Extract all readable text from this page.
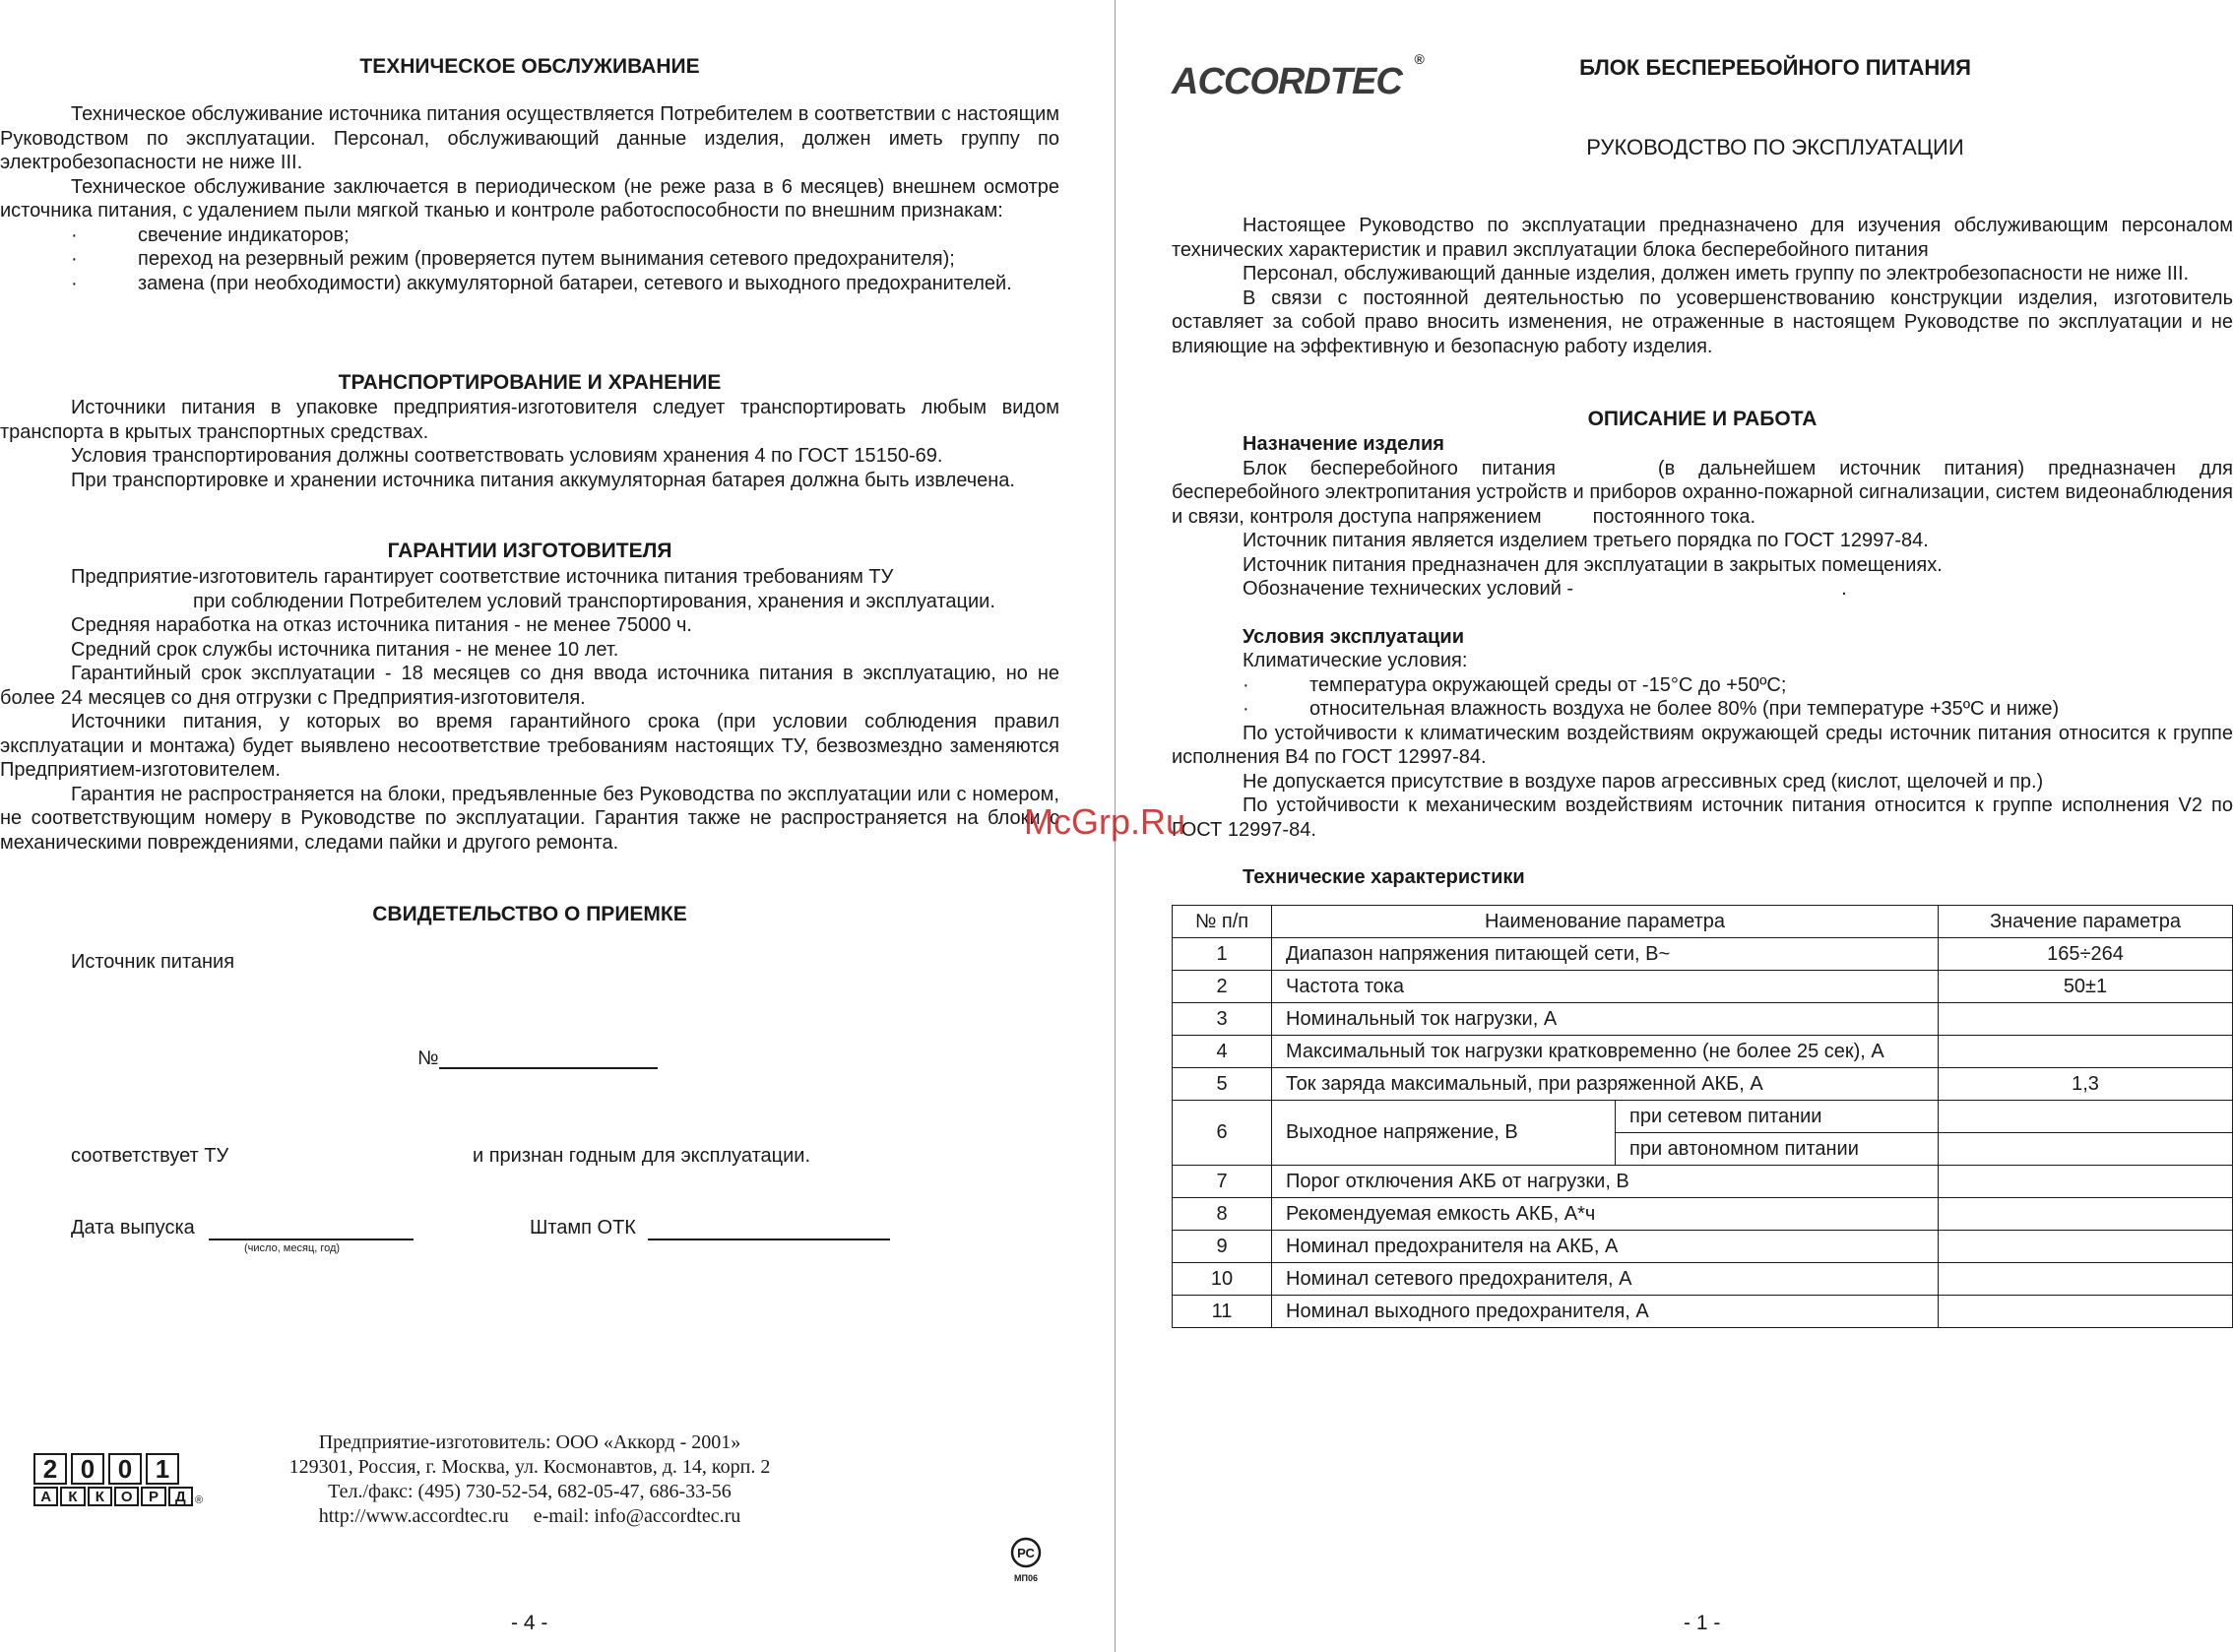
ТЕХНИЧЕСКОЕ ОБСЛУЖИВАНИЕ

Техническое обслуживание источника питания осуществляется Потребителем в соответствии с настоящим Руководством по эксплуатации. Персонал, обслуживающий данные изделия, должен иметь группу по электробезопасности не ниже III.

Техническое обслуживание заключается в периодическом (не реже раза в 6 месяцев) внешнем осмотре источника питания, с удалением пыли мягкой тканью и контроле работоспособности по внешним признакам:

·	свечение индикаторов;
·	переход на резервный режим (проверяется путем вынимания сетевого предохранителя);
·	замена (при необходимости) аккумуляторной батареи, сетевого и выходного предохранителей.
ТРАНСПОРТИРОВАНИЕ И ХРАНЕНИЕ

Источники питания в упаковке предприятия-изготовителя следует транспортировать любым видом транспорта в крытых транспортных средствах.

Условия транспортирования должны соответствовать условиям хранения 4 по ГОСТ 15150-69.

При транспортировке и хранении источника питания аккумуляторная батарея должна быть извлечена.

ГАРАНТИИ ИЗГОТОВИТЕЛЯ

Предприятие-изготовитель гарантирует соответствие источника питания требованиям ТУ

при соблюдении Потребителем условий транспортирования, хранения и эксплуатации.

Средняя наработка на отказ источника питания - не менее 75000 ч.

Средний срок службы источника питания - не менее 10 лет.

Гарантийный срок эксплуатации - 18 месяцев со дня ввода источника питания в эксплуатацию, но не более 24 месяцев со дня отгрузки с Предприятия-изготовителя.

Источники питания, у которых во время гарантийного срока (при условии соблюдения правил эксплуатации и монтажа) будет выявлено несоответствие требованиям настоящих ТУ, безвозмездно заменяются Предприятием-изготовителем.

Гарантия не распространяется на блоки, предъявленные без Руководства по эксплуатации или с номером, не соответствующим номеру в Руководстве по эксплуатации. Гарантия также не распространяется на блоки с механическими повреждениями, следами пайки и другого ремонта.

СВИДЕТЕЛЬСТВО О ПРИЕМКЕ
Источник питания
№
соответствует ТУ	и признан годным для эксплуатации.
Дата выпуска
(число, месяц, год)
Штамп ОТК
2 0 0 1
А	К	К	О	Р	Д ®
Предприятие-изготовитель: ООО «Аккорд - 2001»
129301, Россия, г. Москва, ул. Космонавтов, д. 14, корп. 2
Тел./факс: (495) 730-52-54, 682-05-47, 686-33-56
http://www.accordtec.ru     e-mail: info@accordtec.ru
РС
МП06
- 4 -
ACCORDTEC
®	БЛОК БЕСПЕРЕБОЙНОГО ПИТАНИЯ
РУКОВОДСТВО ПО ЭКСПЛУАТАЦИИ

Настоящее Руководство по эксплуатации предназначено для изучения обслуживающим персоналом технических характеристик и правил эксплуатации блока бесперебойного питания

Персонал, обслуживающий данные изделия, должен иметь группу по электробезопасности не ниже III.

В связи с постоянной деятельностью по усовершенствованию конструкции изделия, изготовитель оставляет за собой право вносить изменения, не отраженные в настоящем Руководстве по эксплуатации и не влияющие на эффективную и безопасную работу изделия.

ОПИСАНИЕ И РАБОТА

Назначение изделия

Блок бесперебойного питания	(в дальнейшем источник питания) предназначен для бесперебойного электропитания устройств и приборов охранно-пожарной сигнализации, систем видеонаблюдения и связи, контроля доступа напряжением	постоянного тока.

Источник питания является изделием третьего порядка по ГОСТ 12997-84.

Источник питания предназначен для эксплуатации в закрытых помещениях.

Обозначение технических условий -	.

Условия эксплуатации

Климатические условия:

·	температура окружающей среды от -15°С до +50ºС;
·	относительная влажность воздуха не более 80% (при температуре +35ºС и ниже)

По устойчивости к климатическим воздействиям окружающей среды источник питания относится к группе исполнения В4 по ГОСТ 12997-84.

Не допускается присутствие в воздухе паров агрессивных сред (кислот, щелочей и пр.)

По устойчивости к механическим воздействиям источник питания относится к группе исполнения V2 по ГОСТ 12997-84.

Технические характеристики

№ п/п	Наименование параметра		Значение параметра
1	Диапазон напряжения питающей сети, В~		165÷264
2	Частота тока		50±1
3	Номинальный ток нагрузки, А		
4	Максимальный ток нагрузки кратковременно (не более 25 сек), А		
5	Ток заряда максимальный, при разряженной АКБ, А		1,3
6	Выходное напряжение, В	при сетевом питании	
		при автономном питании	
7	Порог отключения АКБ от нагрузки, В		
8	Рекомендуемая емкость АКБ, А*ч		
9	Номинал предохранителя на АКБ, А		
10	Номинал сетевого предохранителя, А		
11	Номинал выходного предохранителя, А		
- 1 -
McGrp.Ru
